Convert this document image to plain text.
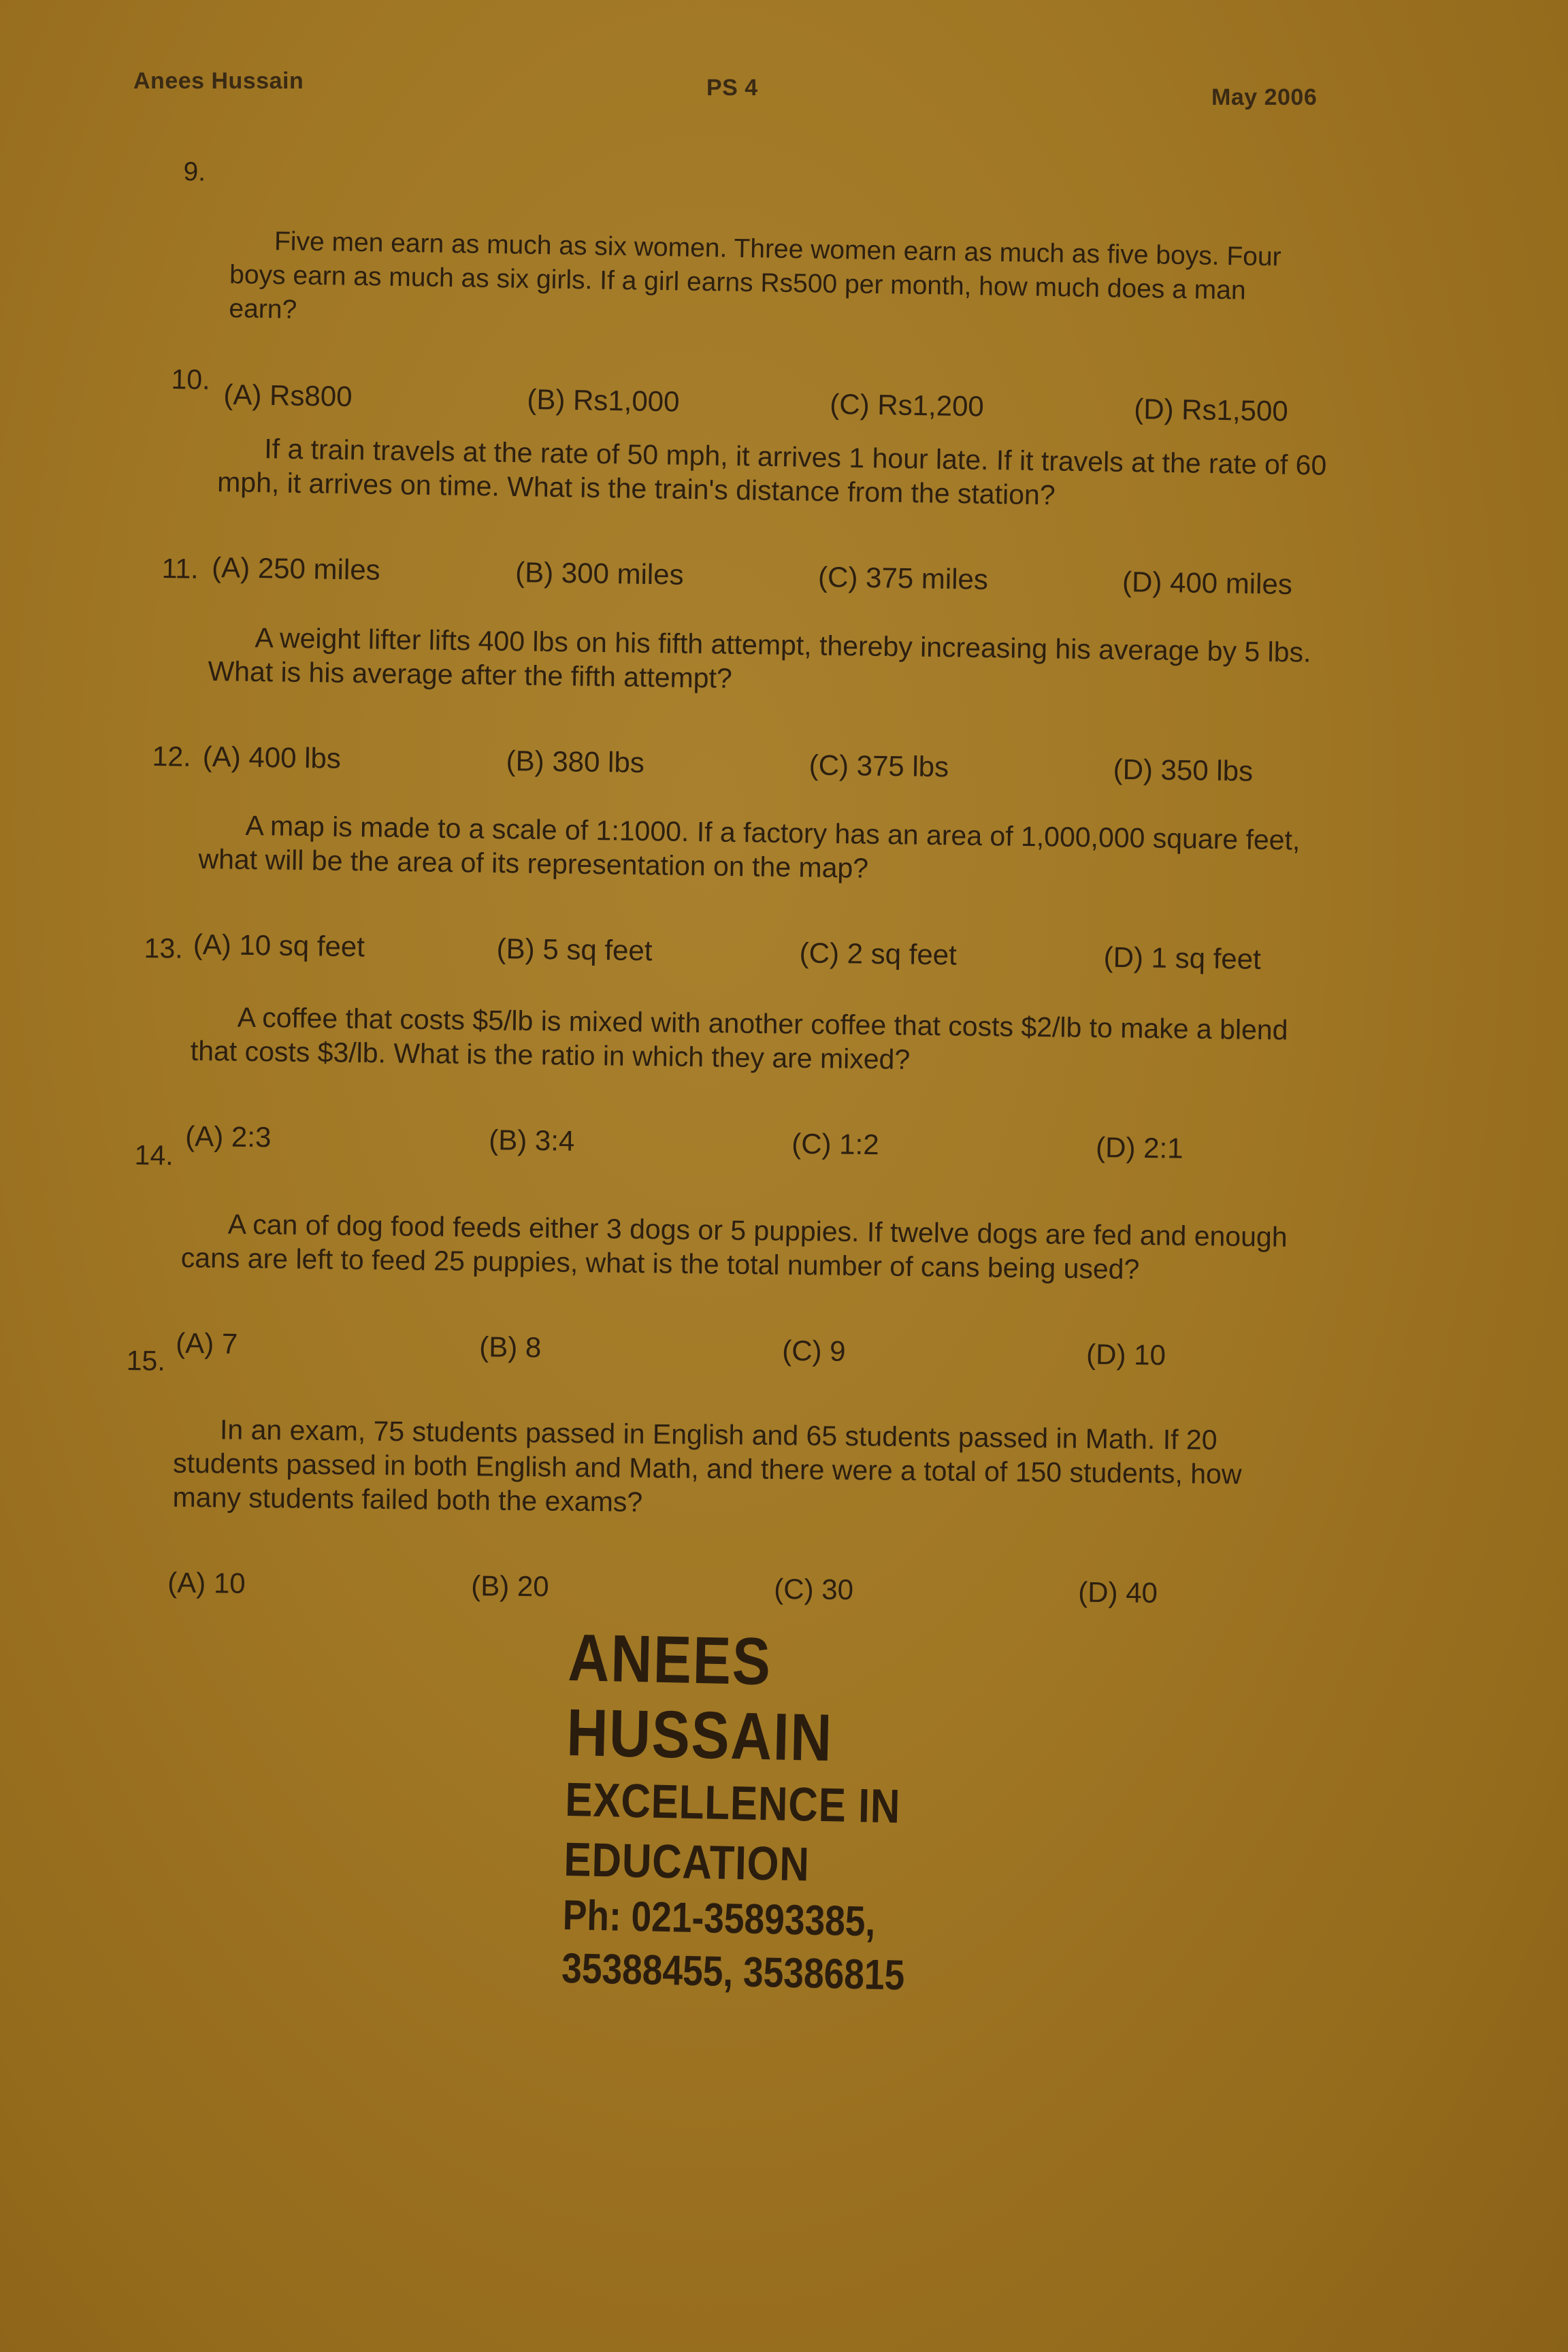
Anees Hussain	PS 4	May 2006

9.

Five men earn as much as six women. Three women earn as much as five boys. Four
boys earn as much as six girls. If a girl earns Rs500 per month, how much does a man
earn?

(A) Rs800	(B) Rs1,000	(C) Rs1,200	(D) Rs1,500

10.

If a train travels at the rate of 50 mph, it arrives 1 hour late. If it travels at the rate of 60
mph, it arrives on time. What is the train's distance from the station?

(A) 250 miles	(B) 300 miles	(C) 375 miles	(D) 400 miles

11.

A weight lifter lifts 400 lbs on his fifth attempt, thereby increasing his average by 5 lbs.
What is his average after the fifth attempt?

(A) 400 lbs	(B) 380 lbs	(C) 375 lbs	(D) 350 lbs

12.

A map is made to a scale of 1:1000. If a factory has an area of 1,000,000 square feet,
what will be the area of its representation on the map?

(A) 10 sq feet	(B) 5 sq feet	(C) 2 sq feet	(D) 1 sq feet

13.

A coffee that costs $5/lb is mixed with another coffee that costs $2/lb to make a blend
that costs $3/lb. What is the ratio in which they are mixed?

(A) 2:3	(B) 3:4	(C) 1:2	(D) 2:1

14.

A can of dog food feeds either 3 dogs or 5 puppies. If twelve dogs are fed and enough
cans are left to feed 25 puppies, what is the total number of cans being used?

(A) 7	(B) 8	(C) 9	(D) 10

15.

In an exam, 75 students passed in English and 65 students passed in Math. If 20
students passed in both English and Math, and there were a total of 150 students, how
many students failed both the exams?

(A) 10	(B) 20	(C) 30	(D) 40
ANEES HUSSAIN
EXCELLENCE IN EDUCATION
Ph: 021-35893385, 35388455, 35386815
